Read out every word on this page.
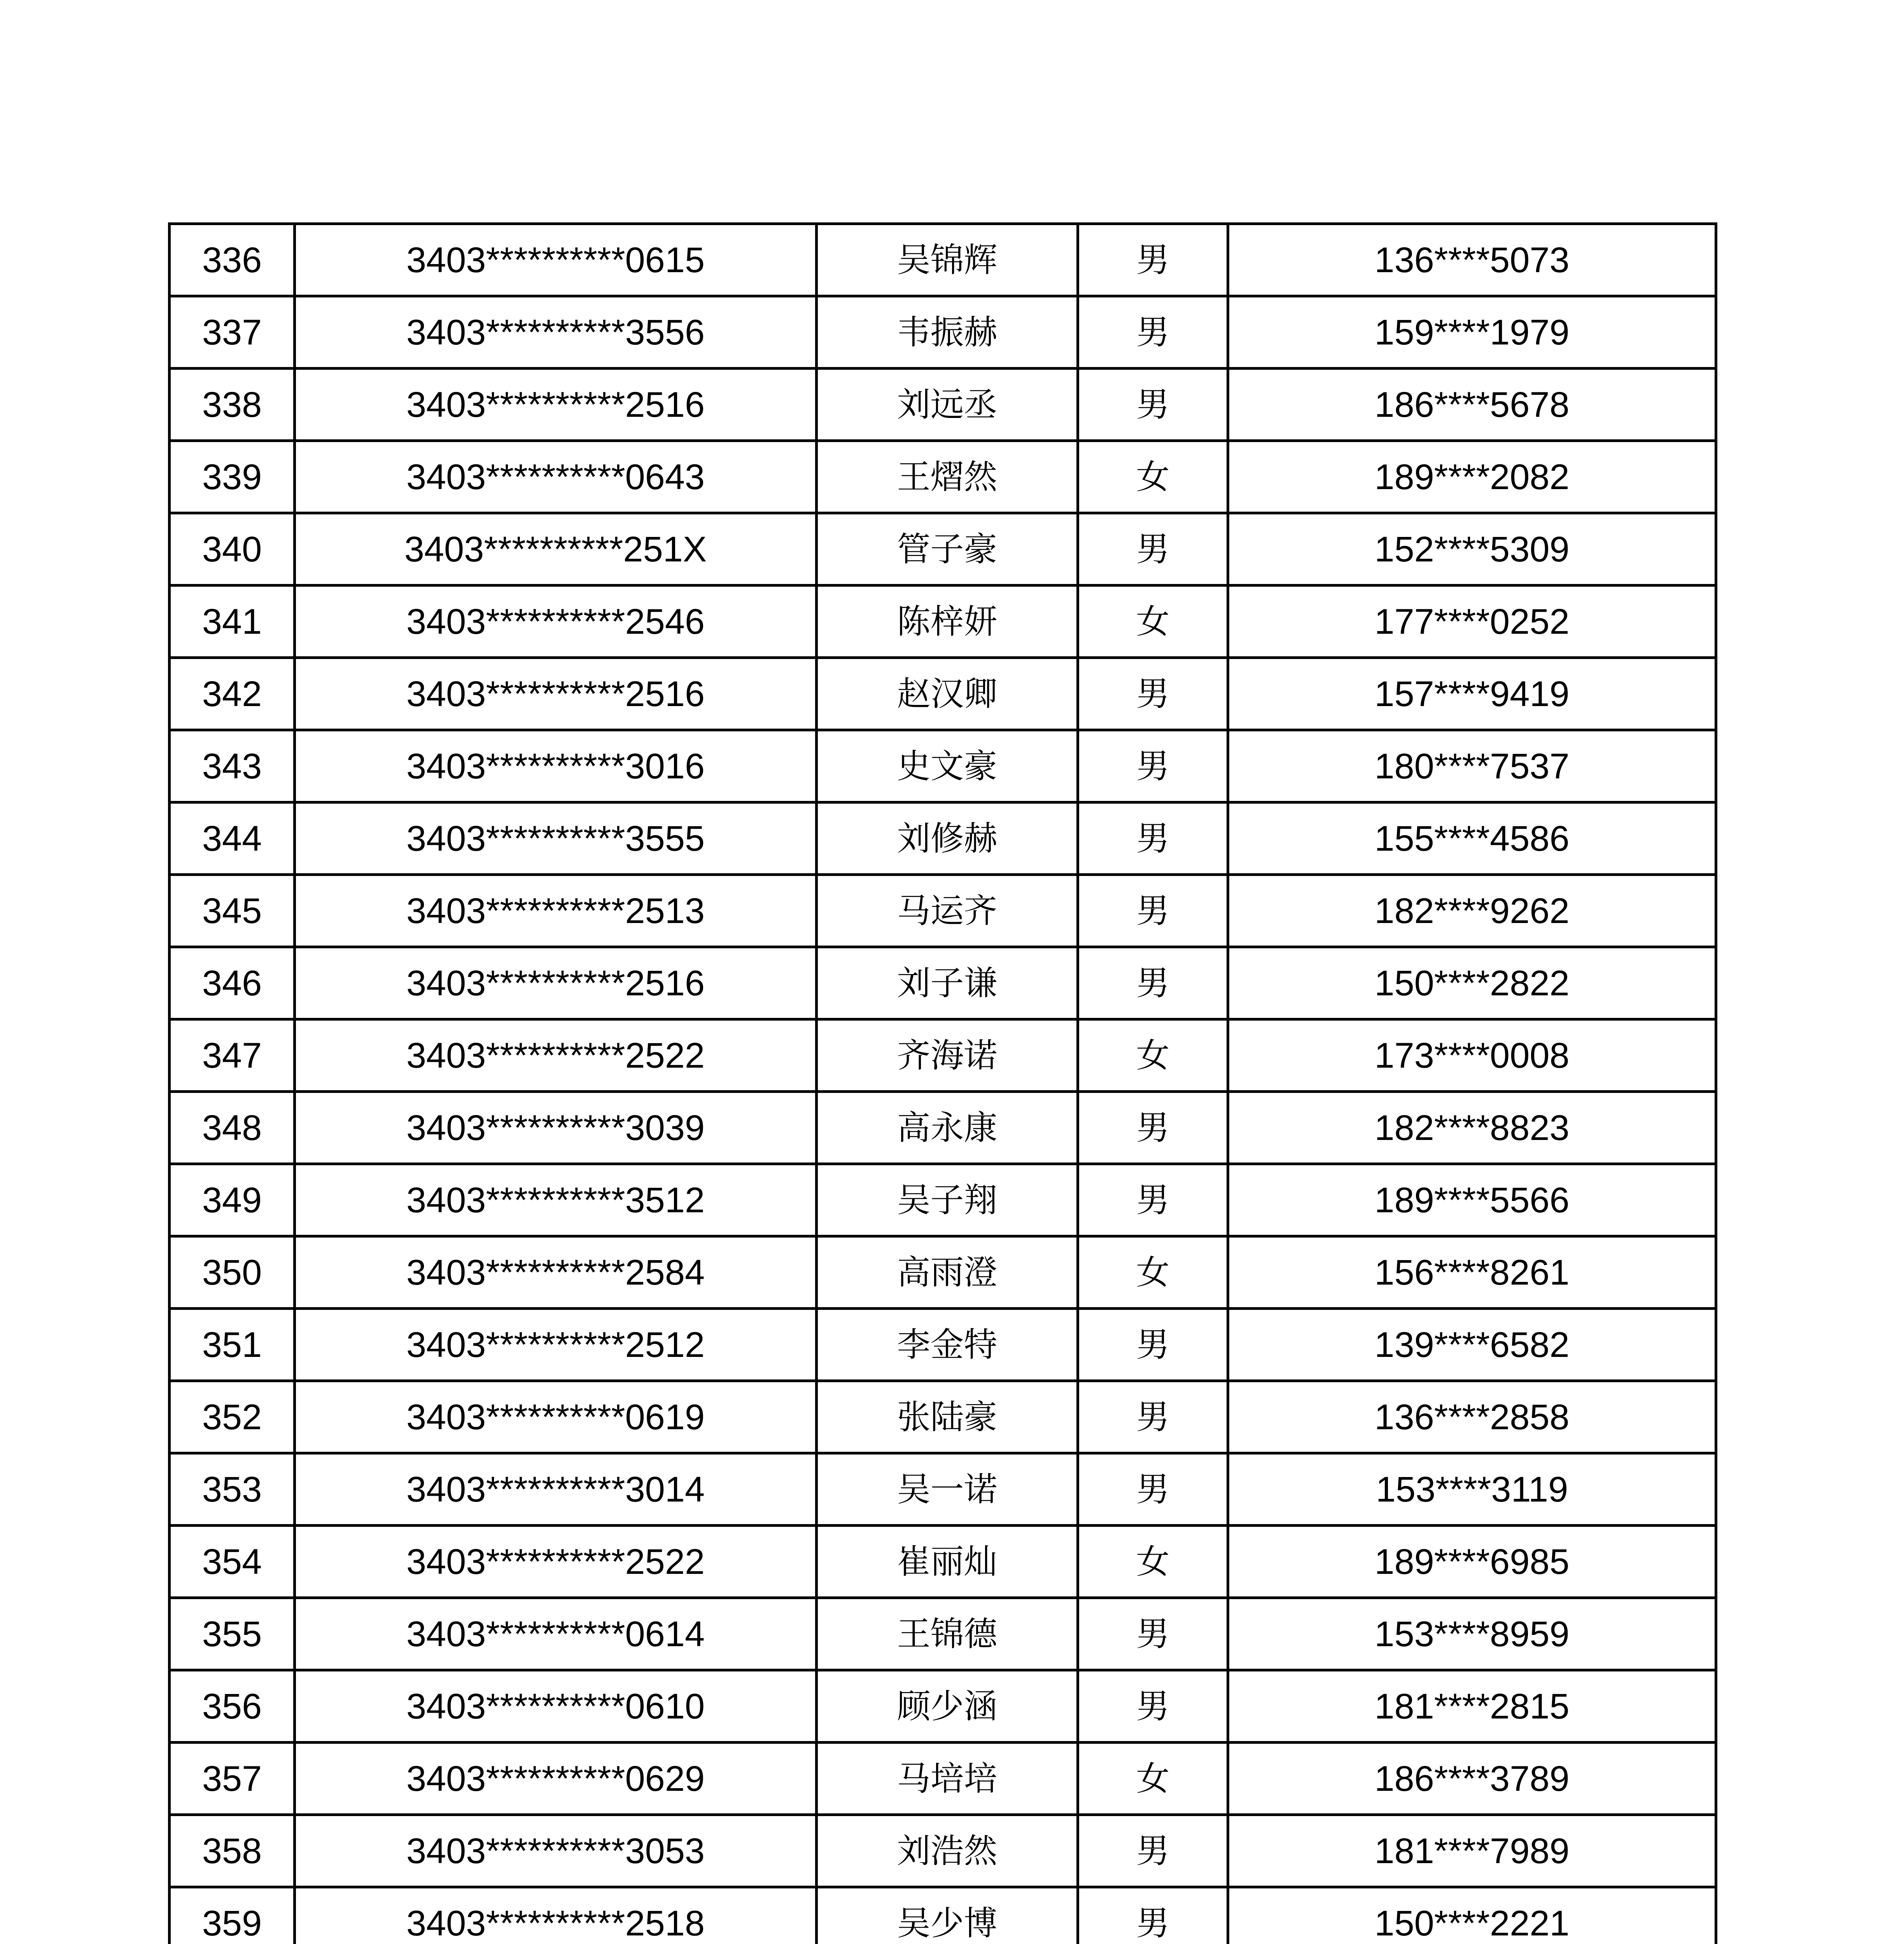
336	3403**********0615	吴锦辉	男	136****5073
337	3403**********3556	韦振赫	男	159****1979
338	3403**********2516	刘远丞	男	186****5678
339	3403**********0643	王熠然	女	189****2082
340	3403**********251X	管子豪	男	152****5309
341	3403**********2546	陈梓妍	女	177****0252
342	3403**********2516	赵汉卿	男	157****9419
343	3403**********3016	史文豪	男	180****7537
344	3403**********3555	刘修赫	男	155****4586
345	3403**********2513	马运齐	男	182****9262
346	3403**********2516	刘子谦	男	150****2822
347	3403**********2522	齐海诺	女	173****0008
348	3403**********3039	高永康	男	182****8823
349	3403**********3512	吴子翔	男	189****5566
350	3403**********2584	高雨澄	女	156****8261
351	3403**********2512	李金特	男	139****6582
352	3403**********0619	张陆豪	男	136****2858
353	3403**********3014	吴一诺	男	153****3119
354	3403**********2522	崔丽灿	女	189****6985
355	3403**********0614	王锦德	男	153****8959
356	3403**********0610	顾少涵	男	181****2815
357	3403**********0629	马培培	女	186****3789
358	3403**********3053	刘浩然	男	181****7989
359	3403**********2518	吴少博	男	150****2221
